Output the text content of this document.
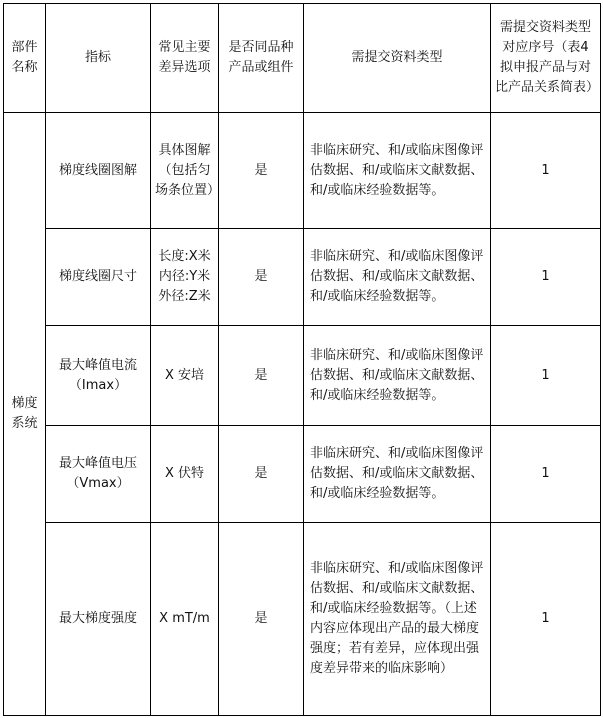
部件名称	指标	常见主要差异选项	是否同品种产品或组件	需提交资料类型	需提交资料类型对应序号（表4 拟申报产品与对比产品关系简表）
梯度系统	梯度线圈图解	具体图解（包括匀场条位置）	是	非临床研究、和/或临床图像评估数据、和/或临床文献数据、和/或临床经验数据等。	1
	梯度线圈尺寸	长度:X米 内径:Y米 外径:Z米	是	非临床研究、和/或临床图像评估数据、和/或临床文献数据、和/或临床经验数据等。	1
	最大峰值电流（Imax）	X 安培	是	非临床研究、和/或临床图像评估数据、和/或临床文献数据、和/或临床经验数据等。	1
	最大峰值电压（Vmax）	X 伏特	是	非临床研究、和/或临床图像评估数据、和/或临床文献数据、和/或临床经验数据等。	1
	最大梯度强度	X mT/m	是	非临床研究、和/或临床图像评估数据、和/或临床文献数据、和/或临床经验数据等。（上述内容应体现出产品的最大梯度强度；若有差异，应体现出强度差异带来的临床影响）	1
